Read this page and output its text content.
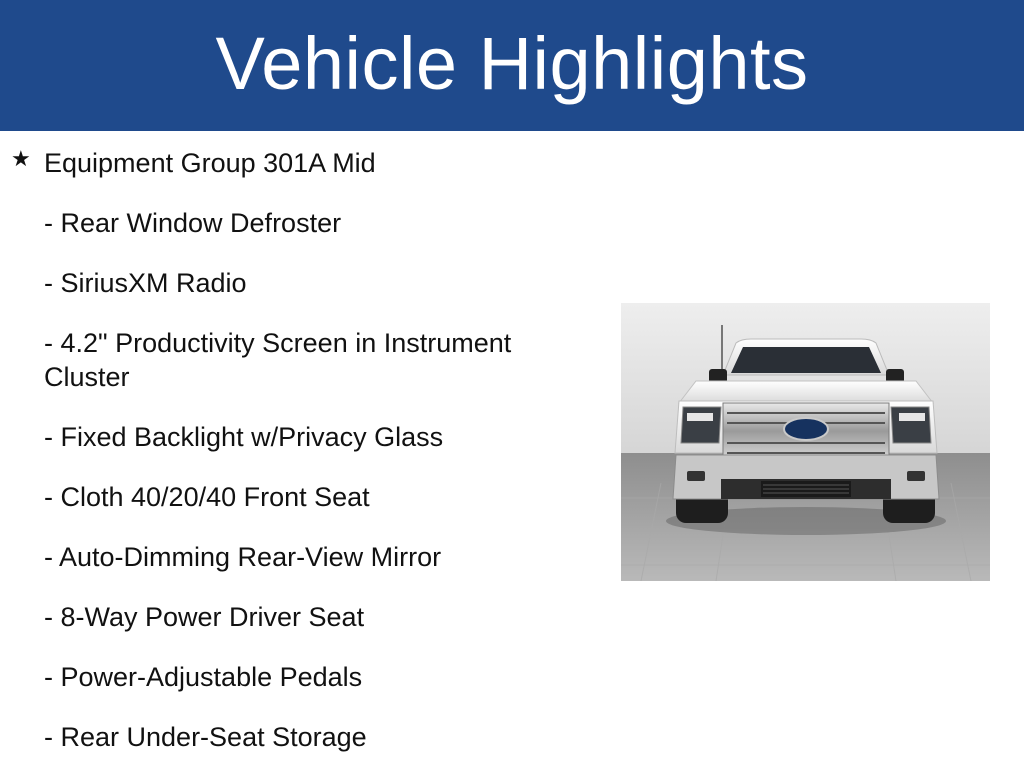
Vehicle Highlights
★ Equipment Group 301A Mid
- Rear Window Defroster
- SiriusXM Radio
- 4.2" Productivity Screen in Instrument Cluster
- Fixed Backlight w/Privacy Glass
- Cloth 40/20/40 Front Seat
- Auto-Dimming Rear-View Mirror
- 8-Way Power Driver Seat
- Power-Adjustable Pedals
- Rear Under-Seat Storage
